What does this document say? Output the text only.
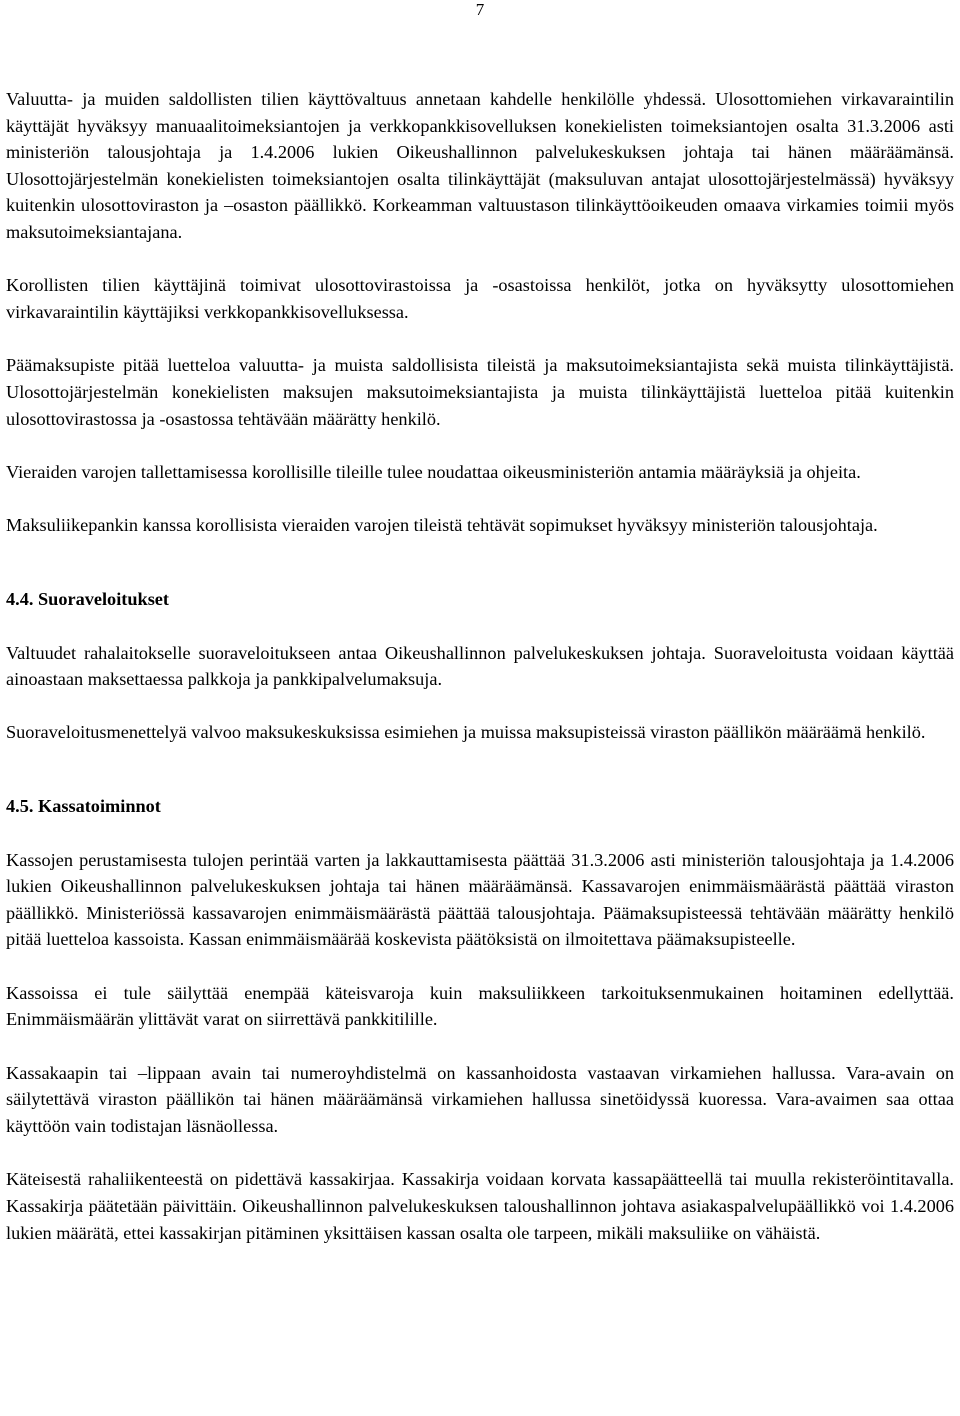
7

Valuutta- ja muiden saldollisten tilien käyttövaltuus annetaan kahdelle henkilölle yhdessä. Ulosottomiehen virkavaraintilin käyttäjät hyväksyy manuaalitoimeksiantojen ja verkkopankkisovelluksen konekielisten toimeksiantojen osalta 31.3.2006 asti ministeriön talousjohtaja ja 1.4.2006 lukien Oikeushallinnon palvelukeskuksen johtaja tai hänen määräämänsä. Ulosottojärjestelmän konekielisten toimeksiantojen osalta tilinkäyttäjät (maksuluvan antajat ulosottojärjestelmässä) hyväksyy kuitenkin ulosottoviraston ja –osaston päällikkö. Korkeamman valtuustason tilinkäyttöoikeuden omaava virkamies toimii myös maksutoimeksiantajana.

Korollisten tilien käyttäjinä toimivat ulosottovirastoissa ja -osastoissa henkilöt, jotka on hyväksytty ulosottomiehen virkavaraintilin käyttäjiksi verkkopankkisovelluksessa.

Päämaksupiste pitää luetteloa valuutta- ja muista saldollisista tileistä ja maksutoimeksiantajista sekä muista tilinkäyttäjistä. Ulosottojärjestelmän konekielisten maksujen maksutoimeksiantajista ja muista tilinkäyttäjistä luetteloa pitää kuitenkin ulosottovirastossa ja -osastossa tehtävään määrätty henkilö.

Vieraiden varojen tallettamisessa korollisille tileille tulee noudattaa oikeusministeriön antamia määräyksiä ja ohjeita.

Maksuliikepankin kanssa korollisista vieraiden varojen tileistä tehtävät sopimukset hyväksyy ministeriön talousjohtaja.

4.4. Suoraveloitukset

Valtuudet rahalaitokselle suoraveloitukseen antaa Oikeushallinnon palvelukeskuksen johtaja. Suoraveloitusta voidaan käyttää ainoastaan maksettaessa palkkoja ja pankkipalvelumaksuja.

Suoraveloitusmenettelyä valvoo maksukeskuksissa esimiehen ja muissa maksupisteissä viraston päällikön määräämä henkilö.

4.5. Kassatoiminnot

Kassojen perustamisesta tulojen perintää varten ja lakkauttamisesta päättää 31.3.2006 asti ministeriön talousjohtaja ja 1.4.2006 lukien Oikeushallinnon palvelukeskuksen johtaja tai hänen määräämänsä. Kassavarojen enimmäismäärästä päättää viraston päällikkö. Ministeriössä kassavarojen enimmäismäärästä päättää talousjohtaja. Päämaksupisteessä tehtävään määrätty henkilö pitää luetteloa kassoista. Kassan enimmäismäärää koskevista päätöksistä on ilmoitettava päämaksupisteelle.

Kassoissa ei tule säilyttää enempää käteisvaroja kuin maksuliikkeen tarkoituksenmukainen hoitaminen edellyttää. Enimmäismäärän ylittävät varat on siirrettävä pankkitilille.

Kassakaapin tai –lippaan avain tai numeroyhdistelmä on kassanhoidosta vastaavan virkamiehen hallussa. Vara-avain on säilytettävä viraston päällikön tai hänen määräämänsä virkamiehen hallussa sinetöidyssä kuoressa. Vara-avaimen saa ottaa käyttöön vain todistajan läsnäollessa.

Käteisestä rahaliikenteestä on pidettävä kassakirjaa. Kassakirja voidaan korvata kassapäätteellä tai muulla rekisteröintitavalla. Kassakirja päätetään päivittäin. Oikeushallinnon palvelukeskuksen taloushallinnon johtava asiakaspalvelupäällikkö voi 1.4.2006 lukien määrätä, ettei kassakirjan pitäminen yksittäisen kassan osalta ole tarpeen, mikäli maksuliike on vähäistä.
